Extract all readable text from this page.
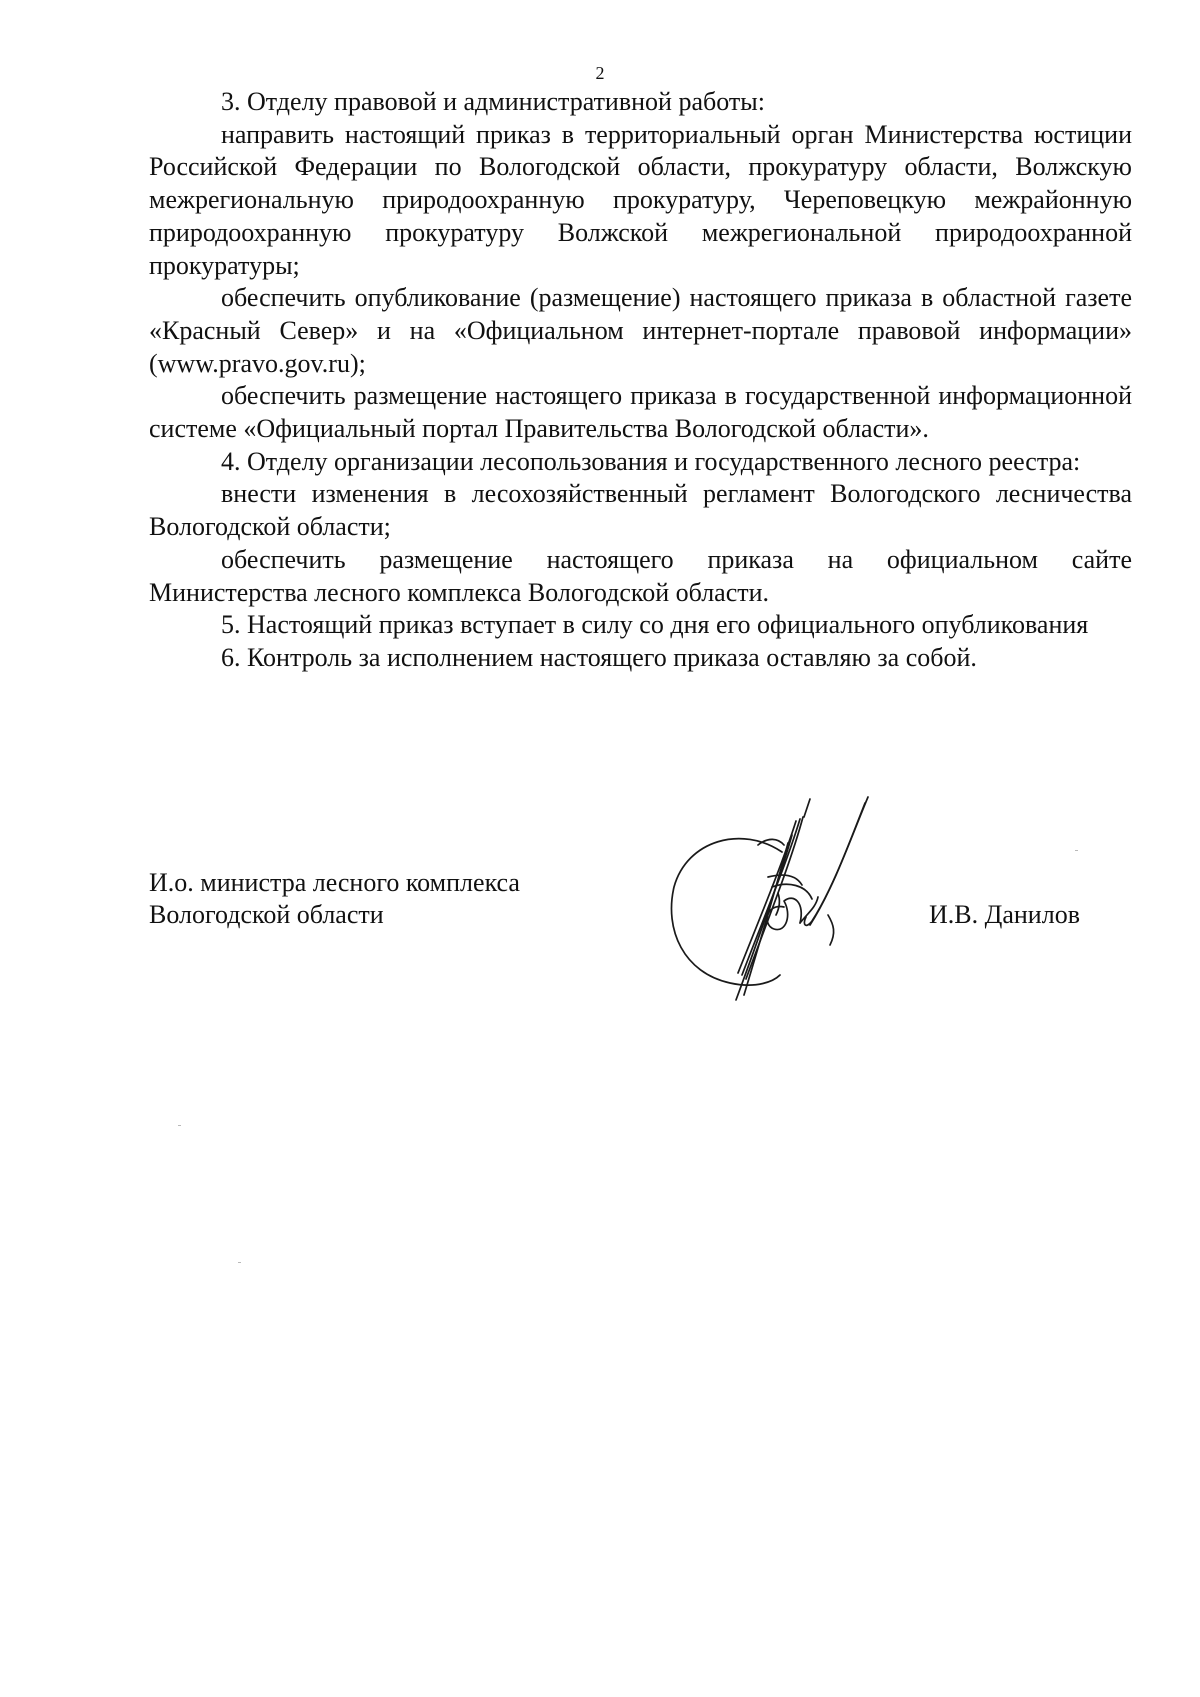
2

3. Отделу правовой и административной работы:

направить настоящий приказ в территориальный орган Министерства юстиции Российской Федерации по Вологодской области, прокуратуру области, Волжскую межрегиональную природоохранную прокуратуру, Череповецкую межрайонную природоохранную прокуратуру Волжской межрегиональной природоохранной прокуратуры;

обеспечить опубликование (размещение) настоящего приказа в областной газете «Красный Север» и на «Официальном интернет-портале правовой информации» (www.pravo.gov.ru);

обеспечить размещение настоящего приказа в государственной информационной системе «Официальный портал Правительства Вологодской области».

4. Отделу организации лесопользования и государственного лесного реестра:

внести изменения в лесохозяйственный регламент Вологодского лесничества Вологодской области;

обеспечить размещение настоящего приказа на официальном сайте Министерства лесного комплекса Вологодской области.

5. Настоящий приказ вступает в силу со дня его официального опубликования

6. Контроль за исполнением настоящего приказа оставляю за собой.

И.о. министра лесного комплекса
Вологодской области	И.В. Данилов
